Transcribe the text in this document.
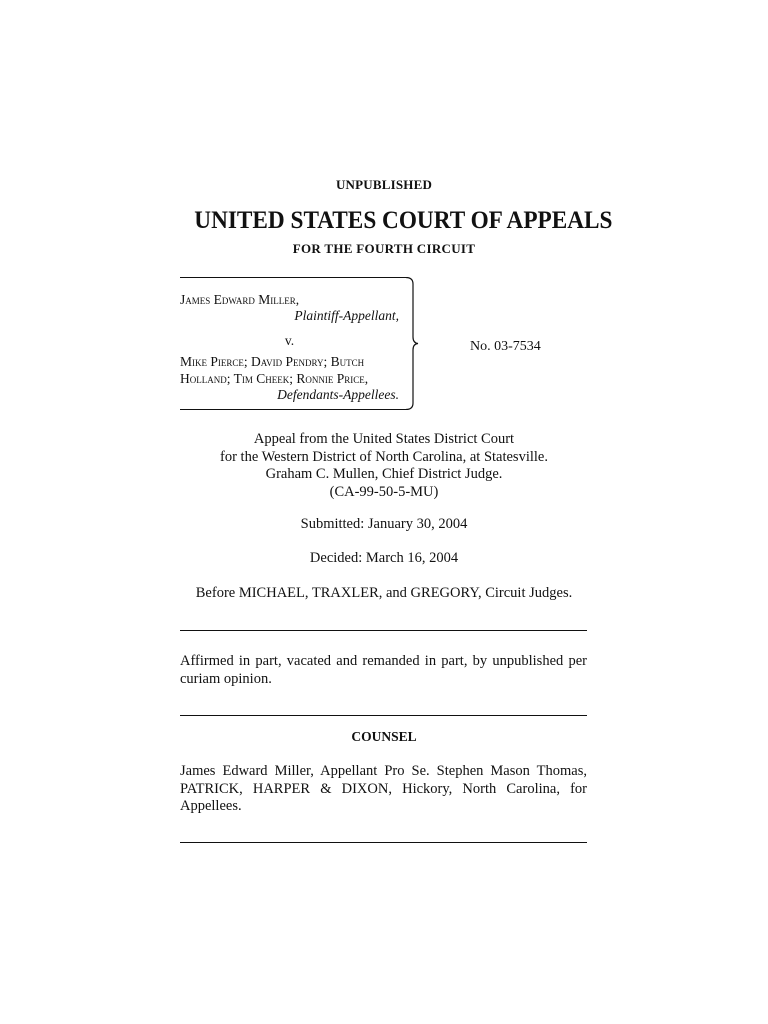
UNPUBLISHED
UNITED STATES COURT OF APPEALS
FOR THE FOURTH CIRCUIT
James Edward Miller,
Plaintiff-Appellant,
v.
Mike Pierce; David Pendry; Butch
Holland; Tim Cheek; Ronnie Price,
Defendants-Appellees.
No. 03-7534
Appeal from the United States District Court
for the Western District of North Carolina, at Statesville.
Graham C. Mullen, Chief District Judge.
(CA-99-50-5-MU)
Submitted: January 30, 2004
Decided: March 16, 2004
Before MICHAEL, TRAXLER, and GREGORY, Circuit Judges.
Affirmed in part, vacated and remanded in part, by unpublished per curiam opinion.
COUNSEL
James Edward Miller, Appellant Pro Se. Stephen Mason Thomas, PATRICK, HARPER & DIXON, Hickory, North Carolina, for Appellees.
